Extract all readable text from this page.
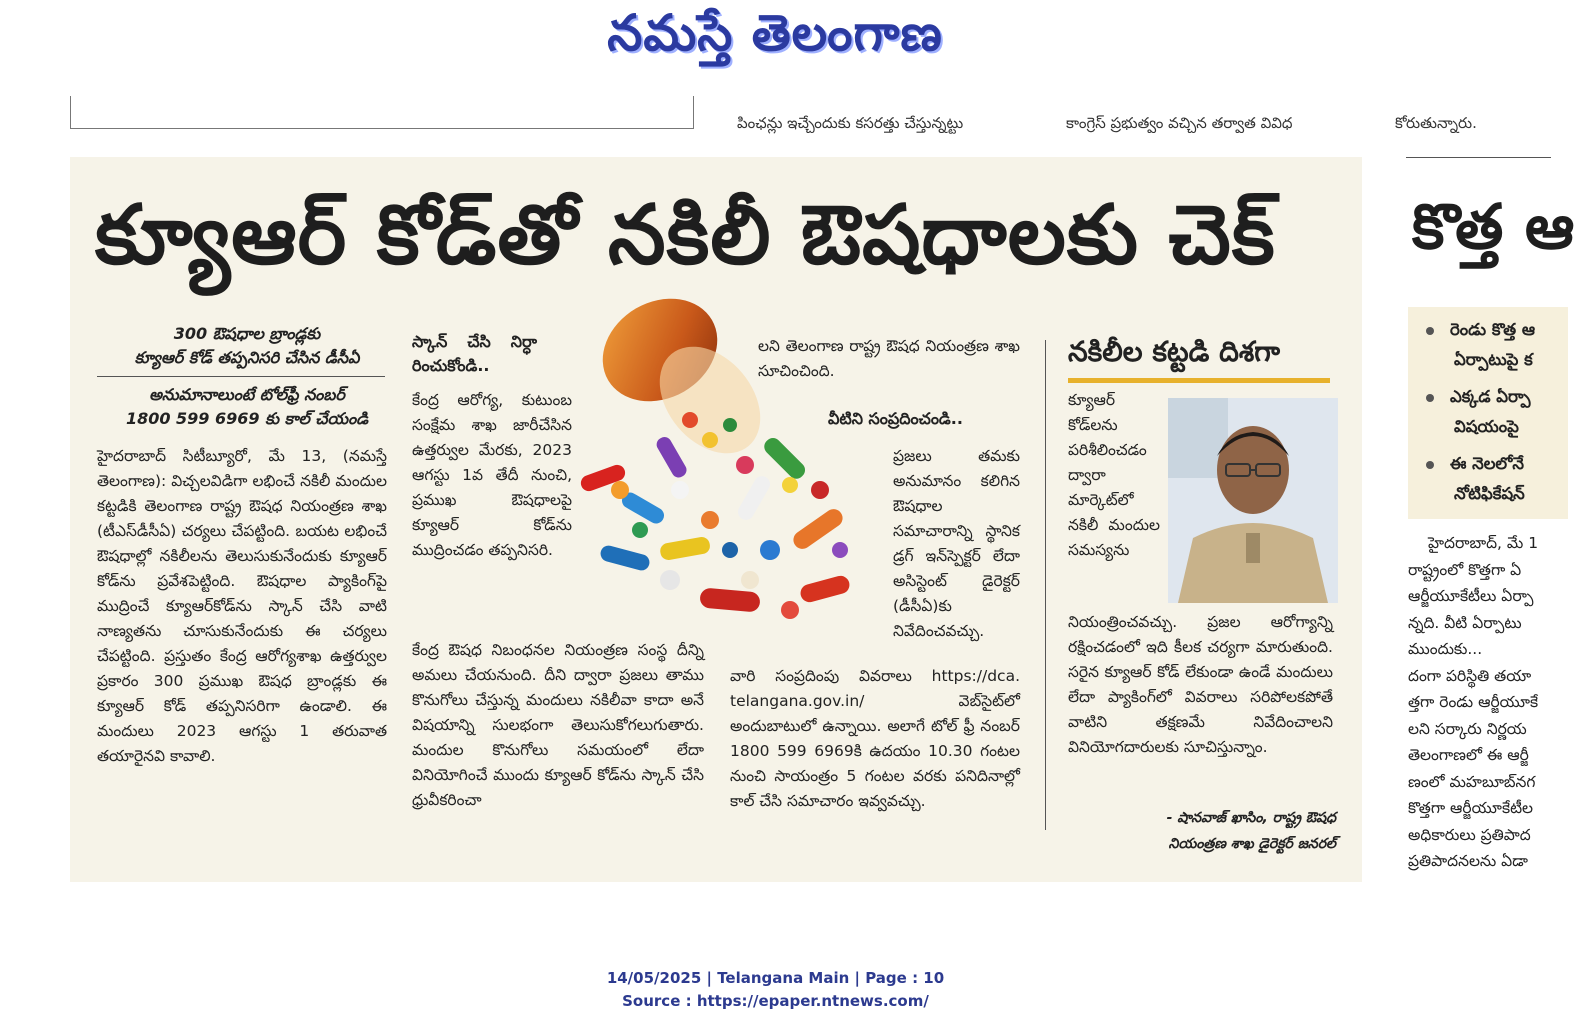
నమస్తే తెలంగాణ
పింఛన్లు ఇచ్చేందుకు కసరత్తు చేస్తున్నట్టు	కాంగ్రెస్ ప్రభుత్వం వచ్చిన తర్వాత వివిధ	కోరుతున్నారు.
క్యూఆర్ కోడ్‌తో నకిలీ ఔషధాలకు చెక్
300 ఔషధాల బ్రాండ్లకు
క్యూఆర్ కోడ్ తప్పనిసరి చేసిన డీసీఏ
అనుమానాలుంటే టోల్‌ఫ్రీ నంబర్
1800 599 6969 కు కాల్ చేయండి
హైదరాబాద్ సిటీబ్యూరో, మే 13, (నమస్తే తెలంగాణ): విచ్చలవిడిగా లభించే నకిలీ మందుల కట్టడికి తెలంగాణ రాష్ట్ర ఔషధ నియంత్రణ శాఖ (టీఎస్‌డీసీఏ) చర్యలు చేపట్టింది. బయట లభించే ఔషధాల్లో నకిలీలను తెలుసుకునేందుకు క్యూఆర్ కోడ్‌ను ప్రవేశపెట్టింది. ఔషధాల ప్యాకింగ్‌పై ముద్రించే క్యూఆర్‌కోడ్‌ను స్కాన్ చేసి వాటి నాణ్యతను చూసుకునేందుకు ఈ చర్యలు చేపట్టింది. ప్రస్తుతం కేంద్ర ఆరోగ్యశాఖ ఉత్తర్వుల ప్రకారం 300 ప్రముఖ ఔషధ బ్రాండ్లకు ఈ క్యూఆర్ కోడ్ తప్పనిసరిగా ఉండాలి. ఈ మందులు 2023 ఆగస్టు 1 తరువాత తయారైనవి కావాలి.
స్కాన్ చేసి నిర్ధా రించుకోండి..
కేంద్ర ఆరోగ్య, కుటుంబ సంక్షేమ శాఖ జారీచేసిన ఉత్తర్వుల మేరకు, 2023 ఆగస్టు 1వ తేదీ నుంచి, ప్రముఖ ఔషధాలపై క్యూఆర్ కోడ్‌ను ముద్రించడం తప్పనిసరి.
కేంద్ర ఔషధ నిబంధనల నియంత్రణ సంస్థ దీన్ని అమలు చేయనుంది. దీని ద్వారా ప్రజలు తాము కొనుగోలు చేస్తున్న మందులు నకిలీవా కాదా అనే విషయాన్ని సులభంగా తెలుసుకోగలుగుతారు. మందుల కొనుగోలు సమయంలో లేదా వినియోగించే ముందు క్యూఆర్ కోడ్‌ను స్కాన్ చేసి ధ్రువీకరించా
లని తెలంగాణ రాష్ట్ర ఔషధ నియంత్రణ శాఖ సూచించింది.
వీటిని సంప్రదించండి..
ప్రజలు తమకు అనుమానం కలిగిన ఔషధాల సమాచారాన్ని స్థానిక డ్రగ్ ఇన్‌స్పెక్టర్ లేదా అసిస్టెంట్ డైరెక్టర్ (డీసీఏ)కు నివేదించవచ్చు.
వారి సంప్రదింపు వివరాలు https://dca. telangana.gov.in/ వెబ్‌సైట్‌లో అందుబాటులో ఉన్నాయి. అలాగే టోల్ ఫ్రీ నంబర్ 1800 599 6969కి ఉదయం 10.30 గంటల నుంచి సాయంత్రం 5 గంటల వరకు పనిదినాల్లో కాల్ చేసి సమాచారం ఇవ్వవచ్చు.
నకిలీల కట్టడి దిశగా
క్యూఆర్ కోడ్‌లను పరిశీలించడం ద్వారా మార్కెట్‌లో నకిలీ మందుల సమస్యను
నియంత్రించవచ్చు. ప్రజల ఆరోగ్యాన్ని రక్షించడంలో ఇది కీలక చర్యగా మారుతుంది. సరైన క్యూఆర్ కోడ్ లేకుండా ఉండే మందులు లేదా ప్యాకింగ్‌లో వివరాలు సరిపోలకపోతే వాటిని తక్షణమే నివేదించాలని వినియోగదారులకు సూచిస్తున్నాం.
- షానవాజ్ ఖాసిం, రాష్ట్ర ఔషధ
నియంత్రణ శాఖ డైరెక్టర్ జనరల్
కొత్త ఆ
రెండు కొత్త ఆ
ఏర్పాటుపై క
ఎక్కడ ఏర్పా
విషయంపై
ఈ నెలలోనే
నోటిఫికేషన్
హైదరాబాద్, మే 1
రాష్ట్రంలో కొత్తగా ఏ
ఆర్జీయూకేటీలు ఏర్పా
న్నది. వీటి ఏర్పాటు
ముందుకు...
దంగా పరిస్థితి తయా
త్తగా రెండు ఆర్జీయూకే
లని సర్కారు నిర్ణయ
తెలంగాణలో ఈ ఆర్జీ
ణంలో మహబూబ్‌నగ
కొత్తగా ఆర్జీయూకేటీల
అధికారులు ప్రతిపాద
ప్రతిపాదనలను ఏడా
14/05/2025 | Telangana Main | Page : 10
Source : https://epaper.ntnews.com/
